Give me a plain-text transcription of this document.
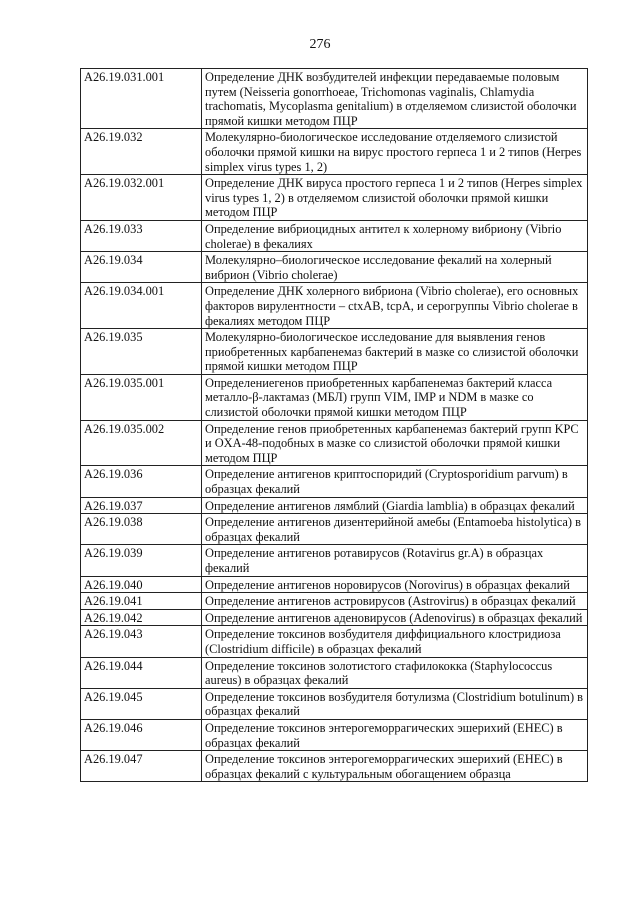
276
А26.19.031.001	Определение ДНК возбудителей инфекции передаваемые половым путем (Neisseria gonorrhoeae, Trichomonas vaginalis, Chlamydia trachomatis, Mycoplasma genitalium) в отделяемом слизистой оболочки прямой кишки методом ПЦР
А26.19.032	Молекулярно-биологическое исследование отделяемого слизистой оболочки прямой кишки на вирус простого герпеса 1 и 2 типов (Herpes simplex virus types 1, 2)
А26.19.032.001	Определение ДНК вируса простого герпеса 1 и 2 типов (Herpes simplex virus types 1, 2) в отделяемом слизистой оболочки прямой кишки методом ПЦР
А26.19.033	Определение вибриоцидных антител к холерному вибриону (Vibrio cholerae) в фекалиях
А26.19.034	Молекулярно–биологическое исследование фекалий на холерный вибрион (Vibrio cholerae)
А26.19.034.001	Определение ДНК холерного вибриона (Vibrio cholerae), его основных факторов вирулентности – ctxAB, tcpA, и серогруппы Vibrio cholerae в фекалиях методом ПЦР
А26.19.035	Молекулярно-биологическое исследование для выявления генов приобретенных карбапенемаз бактерий в мазке со слизистой оболочки прямой кишки методом ПЦР
А26.19.035.001	Определениегенов приобретенных карбапенемаз бактерий класса металло-β-лактамаз (МБЛ) групп VIM, IMP и NDM в мазке со слизистой оболочки прямой кишки методом ПЦР
А26.19.035.002	Определение генов приобретенных карбапенемаз бактерий групп KPC и OXA-48-подобных в мазке со слизистой оболочки прямой кишки методом ПЦР
А26.19.036	Определение антигенов криптоспоридий (Cryptosporidium parvum) в образцах фекалий
А26.19.037	Определение антигенов лямблий (Giardia lamblia) в образцах фекалий
А26.19.038	Определение антигенов дизентерийной амебы (Entamoeba histolytica) в образцах фекалий
А26.19.039	Определение антигенов ротавирусов (Rotavirus gr.A) в образцах фекалий
А26.19.040	Определение антигенов норовирусов (Norovirus) в образцах фекалий
А26.19.041	Определение антигенов астровирусов (Astrovirus) в образцах фекалий
А26.19.042	Определение антигенов аденовирусов (Adenovirus) в образцах фекалий
А26.19.043	Определение токсинов возбудителя диффициального клостридиоза (Clostridium difficile) в образцах фекалий
А26.19.044	Определение токсинов золотистого стафилококка (Staphylococcus aureus) в образцах фекалий
А26.19.045	Определение токсинов возбудителя ботулизма (Clostridium botulinum) в образцах фекалий
А26.19.046	Определение токсинов энтерогеморрагических эшерихий (EHEC) в образцах фекалий
А26.19.047	Определение токсинов энтерогеморрагических эшерихий (EHEC) в образцах фекалий с культуральным обогащением образца
